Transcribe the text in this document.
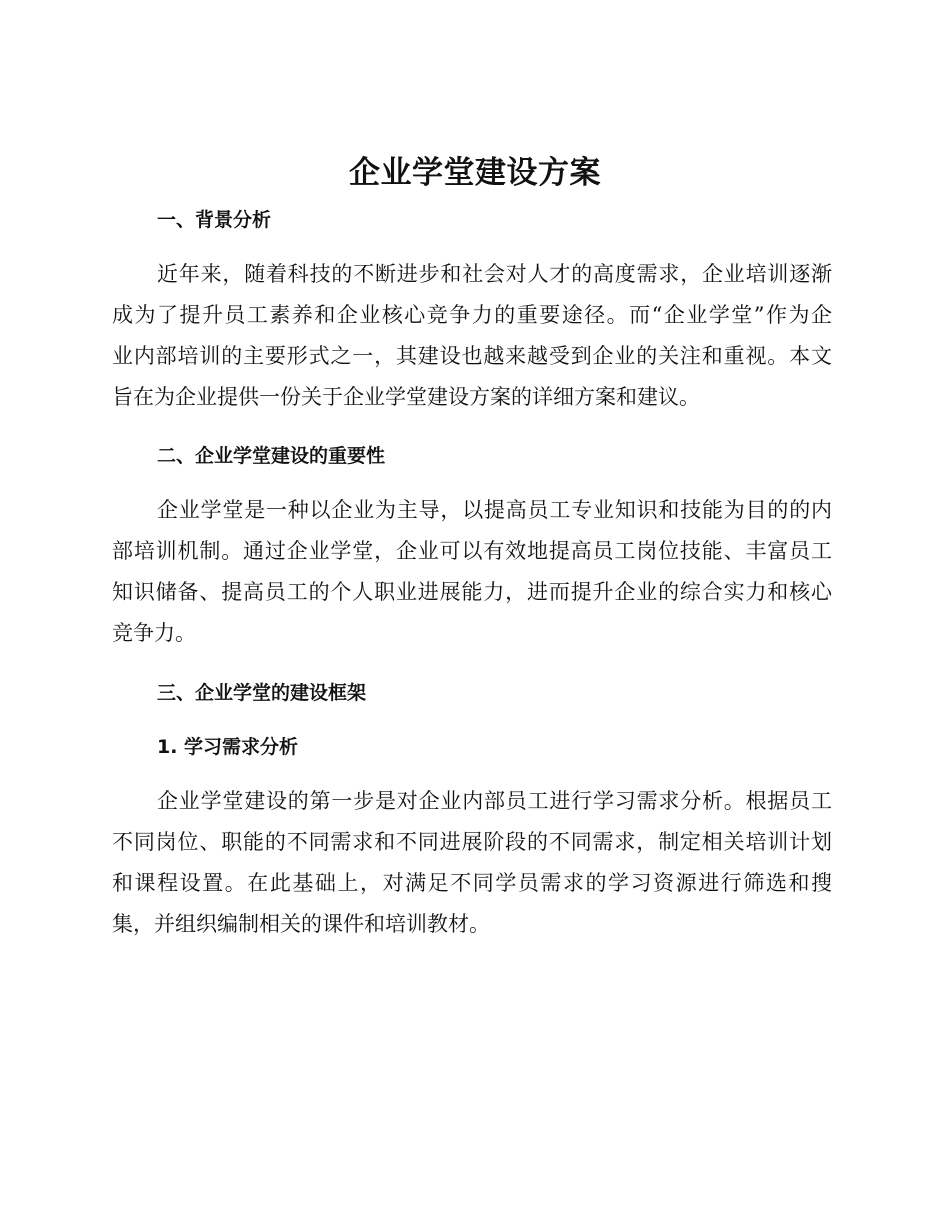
企业学堂建设方案
一、背景分析

近年来，随着科技的不断进步和社会对人才的高度需求，企业培训逐渐
成为了提升员工素养和企业核心竞争力的重要途径。而“企业学堂”作为企
业内部培训的主要形式之一，其建设也越来越受到企业的关注和重视。本文
旨在为企业提供一份关于企业学堂建设方案的详细方案和建议。

二、企业学堂建设的重要性

企业学堂是一种以企业为主导，以提高员工专业知识和技能为目的的内
部培训机制。通过企业学堂，企业可以有效地提高员工岗位技能、丰富员工
知识储备、提高员工的个人职业进展能力，进而提升企业的综合实力和核心
竞争力。

三、企业学堂的建设框架
1. 学习需求分析

企业学堂建设的第一步是对企业内部员工进行学习需求分析。根据员工
不同岗位、职能的不同需求和不同进展阶段的不同需求，制定相关培训计划
和课程设置。在此基础上，对满足不同学员需求的学习资源进行筛选和搜
集，并组织编制相关的课件和培训教材。
